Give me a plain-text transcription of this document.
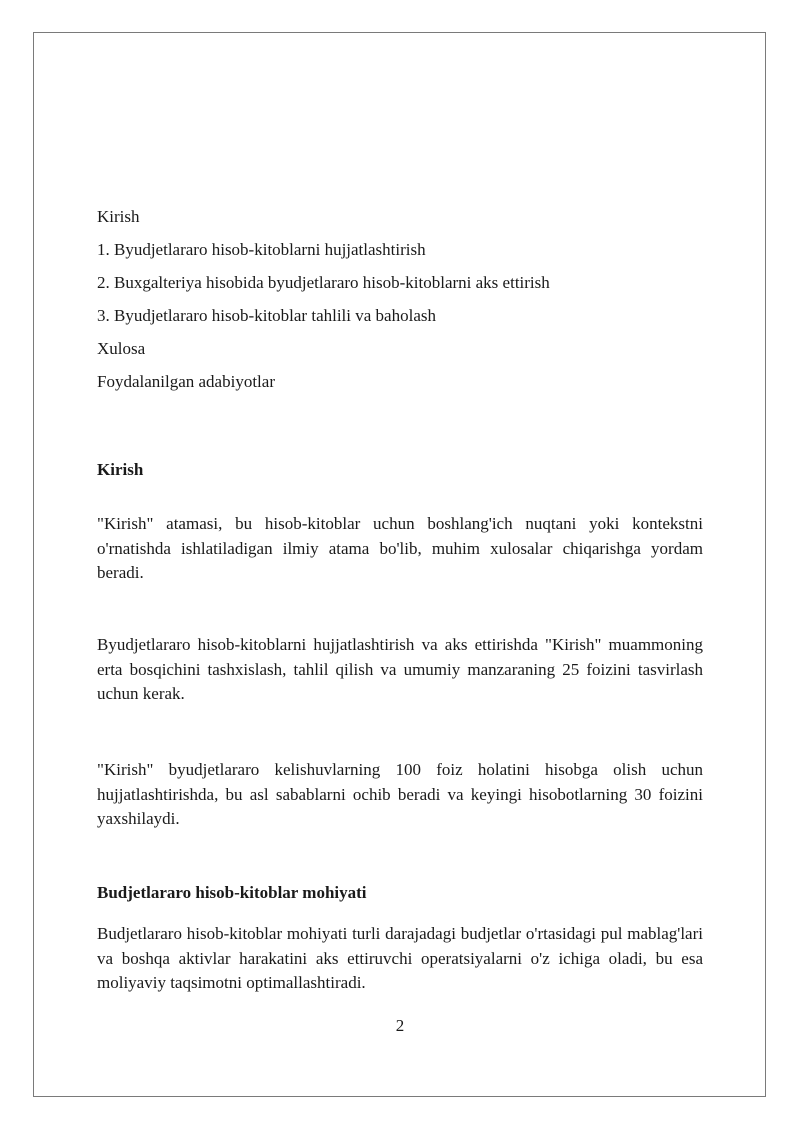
Kirish
1. Byudjetlararo hisob-kitoblarni hujjatlashtirish
2. Buxgalteriya hisobida byudjetlararo hisob-kitoblarni aks ettirish
3. Byudjetlararo hisob-kitoblar tahlili va baholash
Xulosa
Foydalanilgan adabiyotlar
Kirish

"Kirish" atamasi, bu hisob-kitoblar uchun boshlang'ich nuqtani yoki kontekstni o'rnatishda ishlatiladigan ilmiy atama bo'lib, muhim xulosalar chiqarishga yordam beradi.

Byudjetlararo hisob-kitoblarni hujjatlashtirish va aks ettirishda "Kirish" muammoning erta bosqichini tashxislash, tahlil qilish va umumiy manzaraning 25 foizini tasvirlash uchun kerak.

"Kirish" byudjetlararo kelishuvlarning 100 foiz holatini hisobga olish uchun hujjatlashtirishda, bu asl sabablarni ochib beradi va keyingi hisobotlarning 30 foizini yaxshilaydi.

Budjetlararo hisob-kitoblar mohiyati

Budjetlararo hisob-kitoblar mohiyati turli darajadagi budjetlar o'rtasidagi pul mablag'lari va boshqa aktivlar harakatini aks ettiruvchi operatsiyalarni o'z ichiga oladi, bu esa moliyaviy taqsimotni optimallashtiradi.

2
